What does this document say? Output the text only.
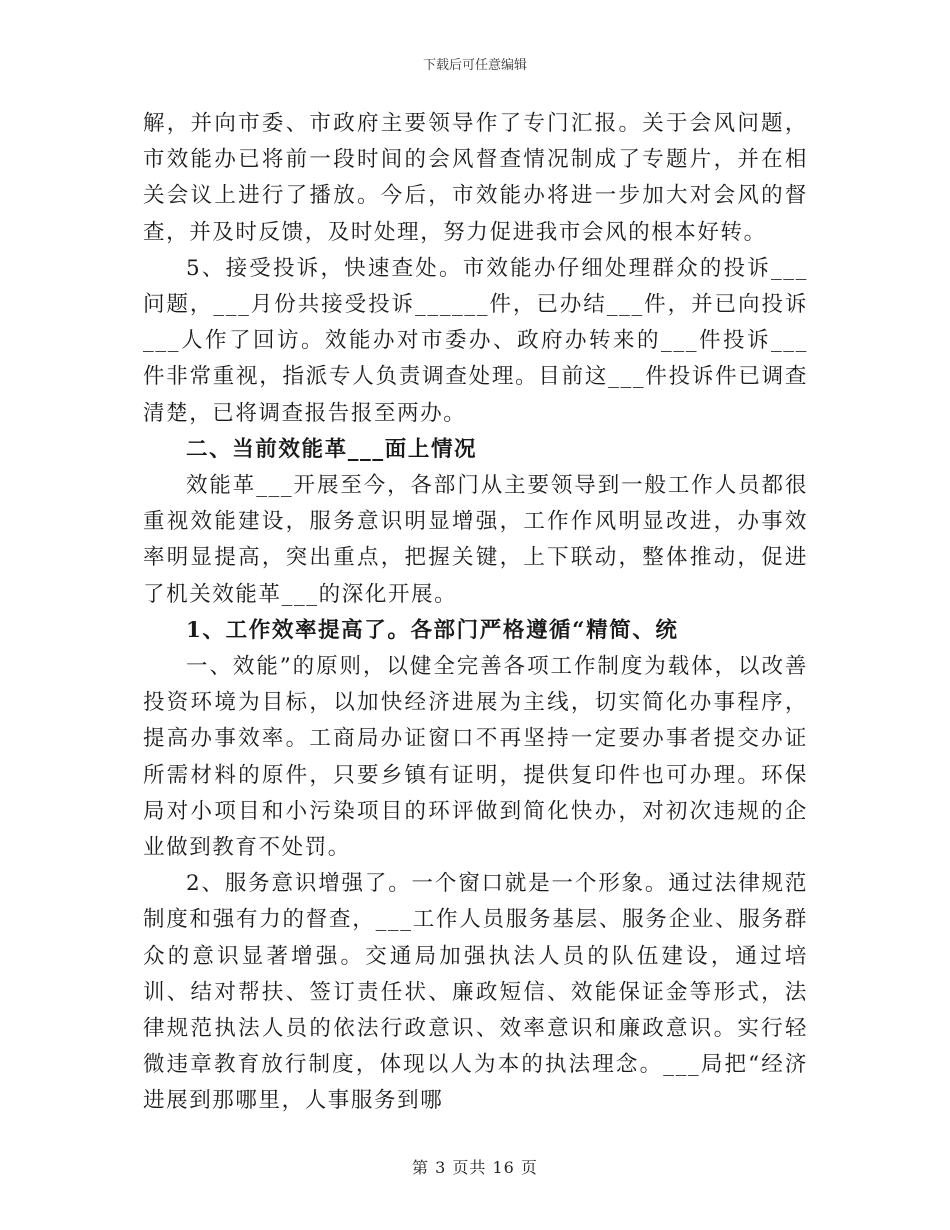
下载后可任意编辑

解，并向市委、市政府主要领导作了专门汇报。关于会风问题，市效能办已将前一段时间的会风督查情况制成了专题片，并在相关会议上进行了播放。今后，市效能办将进一步加大对会风的督查，并及时反馈，及时处理，努力促进我市会风的根本好转。

5、接受投诉，快速查处。市效能办仔细处理群众的投诉___问题，___月份共接受投诉______件，已办结___件，并已向投诉___人作了回访。效能办对市委办、政府办转来的___件投诉___件非常重视，指派专人负责调查处理。目前这___件投诉件已调查清楚，已将调查报告报至两办。

二、当前效能革___面上情况

效能革___开展至今，各部门从主要领导到一般工作人员都很重视效能建设，服务意识明显增强，工作作风明显改进，办事效率明显提高，突出重点，把握关键，上下联动，整体推动，促进了机关效能革___的深化开展。

1、工作效率提高了。各部门严格遵循“精简、统

一、效能”的原则，以健全完善各项工作制度为载体，以改善投资环境为目标，以加快经济进展为主线，切实简化办事程序，提高办事效率。工商局办证窗口不再坚持一定要办事者提交办证所需材料的原件，只要乡镇有证明，提供复印件也可办理。环保局对小项目和小污染项目的环评做到简化快办，对初次违规的企业做到教育不处罚。

2、服务意识增强了。一个窗口就是一个形象。通过法律规范制度和强有力的督查，___工作人员服务基层、服务企业、服务群众的意识显著增强。交通局加强执法人员的队伍建设，通过培训、结对帮扶、签订责任状、廉政短信、效能保证金等形式，法律规范执法人员的依法行政意识、效率意识和廉政意识。实行轻微违章教育放行制度，体现以人为本的执法理念。___局把“经济进展到那哪里，人事服务到哪

第 3 页共 16 页
